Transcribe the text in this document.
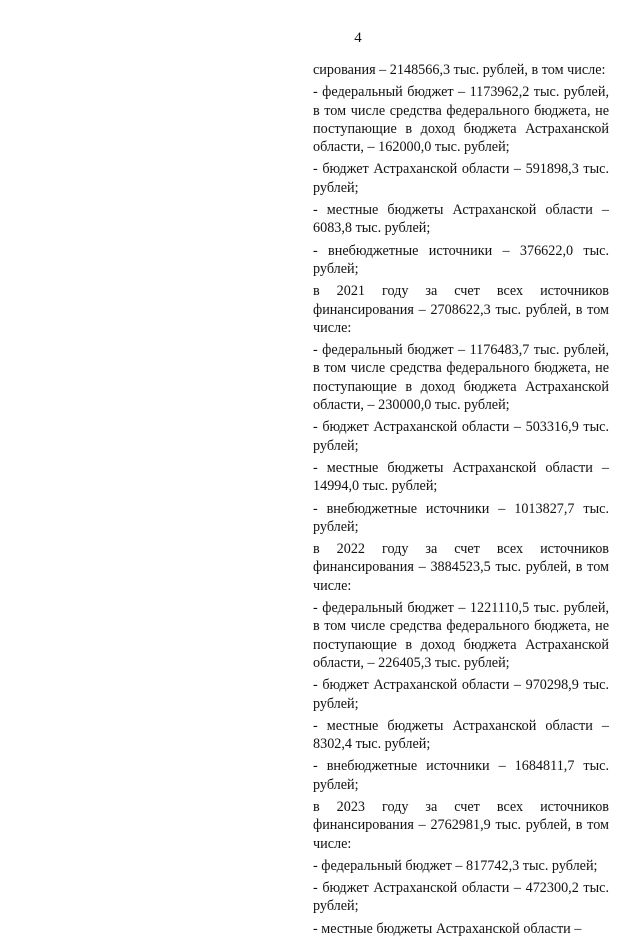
4

сирования – 2148566,3 тыс. рублей, в том числе:

- федеральный бюджет – 1173962,2 тыс. рублей, в том числе средства федерального бюджета, не поступающие в доход бюджета Астраханской области, – 162000,0 тыс. рублей;

- бюджет Астраханской области – 591898,3 тыс. рублей;

- местные бюджеты Астраханской области – 6083,8 тыс. рублей;

- внебюджетные источники – 376622,0 тыс. рублей;

в 2021 году за счет всех источников финансирования – 2708622,3 тыс. рублей, в том числе:

- федеральный бюджет – 1176483,7 тыс. рублей, в том числе средства федерального бюджета, не поступающие в доход бюджета Астраханской области, – 230000,0 тыс. рублей;

- бюджет Астраханской области – 503316,9 тыс. рублей;

- местные бюджеты Астраханской области – 14994,0 тыс. рублей;

- внебюджетные источники – 1013827,7 тыс. рублей;

в 2022 году за счет всех источников финансирования – 3884523,5 тыс. рублей, в том числе:

- федеральный бюджет – 1221110,5 тыс. рублей, в том числе средства федерального бюджета, не поступающие в доход бюджета Астраханской области, – 226405,3 тыс. рублей;

- бюджет Астраханской области – 970298,9 тыс. рублей;

- местные бюджеты Астраханской области – 8302,4 тыс. рублей;

- внебюджетные источники – 1684811,7 тыс. рублей;

в 2023 году за счет всех источников финансирования – 2762981,9 тыс. рублей, в том числе:

- федеральный бюджет – 817742,3 тыс. рублей;

- бюджет Астраханской области – 472300,2 тыс. рублей;

- местные бюджеты Астраханской области –
